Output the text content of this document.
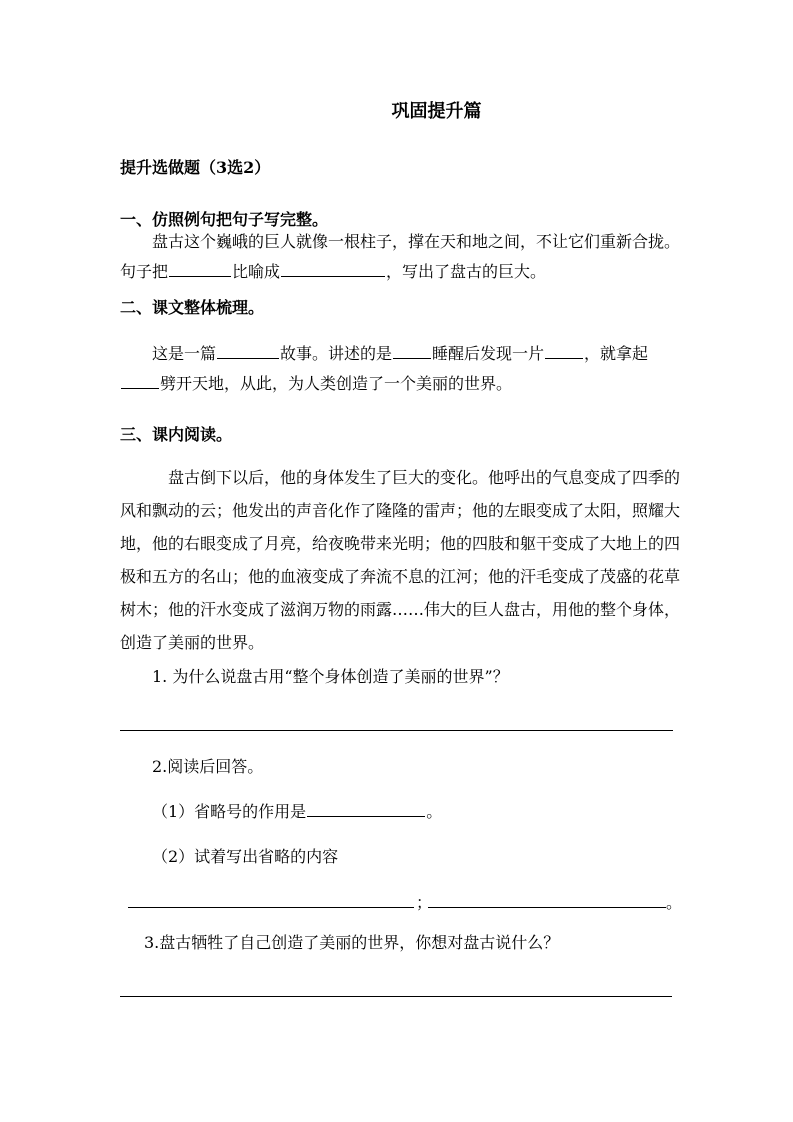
巩固提升篇
提升选做题（3选2）
一、仿照例句把句子写完整。
盘古这个巍峨的巨人就像一根柱子，撑在天和地之间，不让它们重新合拢。
句子把	比喻成	，写出了盘古的巨大。
二、课文整体梳理。
这是一篇	故事。讲述的是	睡醒后发现一片	，就拿起
劈开天地，从此，为人类创造了一个美丽的世界。
三、课内阅读。
盘古倒下以后，他的身体发生了巨大的变化。他呼出的气息变成了四季的风和飘动的云；他发出的声音化作了隆隆的雷声；他的左眼变成了太阳，照耀大地，他的右眼变成了月亮，给夜晚带来光明；他的四肢和躯干变成了大地上的四极和五方的名山；他的血液变成了奔流不息的江河；他的汗毛变成了茂盛的花草树木；他的汗水变成了滋润万物的雨露……伟大的巨人盘古，用他的整个身体，创造了美丽的世界。
1. 为什么说盘古用“整个身体创造了美丽的世界”？
2.阅读后回答。
（1）省略号的作用是	。
（2）试着写出省略的内容
；	。
3.盘古牺牲了自己创造了美丽的世界，你想对盘古说什么？
